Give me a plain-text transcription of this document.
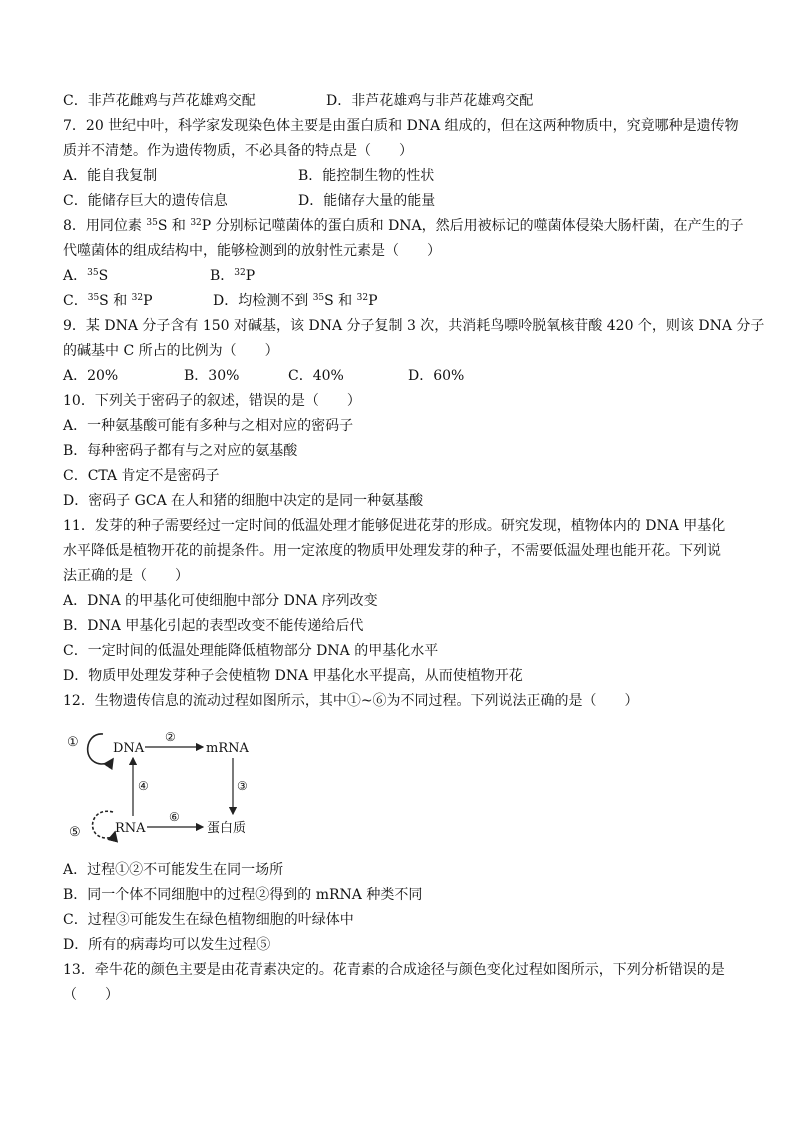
C．非芦花雌鸡与芦花雄鸡交配	D．非芦花雄鸡与非芦花雄鸡交配
7．20 世纪中叶，科学家发现染色体主要是由蛋白质和 DNA 组成的，但在这两种物质中，究竟哪种是遗传物
质并不清楚。作为遗传物质，不必具备的特点是（　　）
A．能自我复制	B．能控制生物的性状
C．能储存巨大的遗传信息	D．能储存大量的能量
8．用同位素 $^{35}$S 和 $^{32}$P 分别标记噬菌体的蛋白质和 DNA，然后用被标记的噬菌体侵染大肠杆菌，在产生的子
代噬菌体的组成结构中，能够检测到的放射性元素是（　　）
A．$^{35}$S	B．$^{32}$P
C．$^{35}$S 和 $^{32}$P	D．均检测不到 $^{35}$S 和 $^{32}$P
9．某 DNA 分子含有 150 对碱基，该 DNA 分子复制 3 次，共消耗鸟嘌呤脱氧核苷酸 420 个，则该 DNA 分子
的碱基中 C 所占的比例为（　　）
A．20%	B．30%	C．40%	D．60%
10．下列关于密码子的叙述，错误的是（　　）
A．一种氨基酸可能有多种与之相对应的密码子
B．每种密码子都有与之对应的氨基酸
C．CTA 肯定不是密码子
D．密码子 GCA 在人和猪的细胞中决定的是同一种氨基酸
11．发芽的种子需要经过一定时间的低温处理才能够促进花芽的形成。研究发现，植物体内的 DNA 甲基化
水平降低是植物开花的前提条件。用一定浓度的物质甲处理发芽的种子，不需要低温处理也能开花。下列说
法正确的是（　　）
A．DNA 的甲基化可使细胞中部分 DNA 序列改变
B．DNA 甲基化引起的表型改变不能传递给后代
C．一定时间的低温处理能降低植物部分 DNA 的甲基化水平
D．物质甲处理发芽种子会使植物 DNA 甲基化水平提高，从而使植物开花
12．生物遗传信息的流动过程如图所示，其中①~⑥为不同过程。下列说法正确的是（　　）
①	DNA
②
mRNA
③
④
⑤	RNA
⑥
蛋白质
A．过程①②不可能发生在同一场所
B．同一个体不同细胞中的过程②得到的 mRNA 种类不同
C．过程③可能发生在绿色植物细胞的叶绿体中
D．所有的病毒均可以发生过程⑤
13．牵牛花的颜色主要是由花青素决定的。花青素的合成途径与颜色变化过程如图所示，下列分析错误的是
（　　）
